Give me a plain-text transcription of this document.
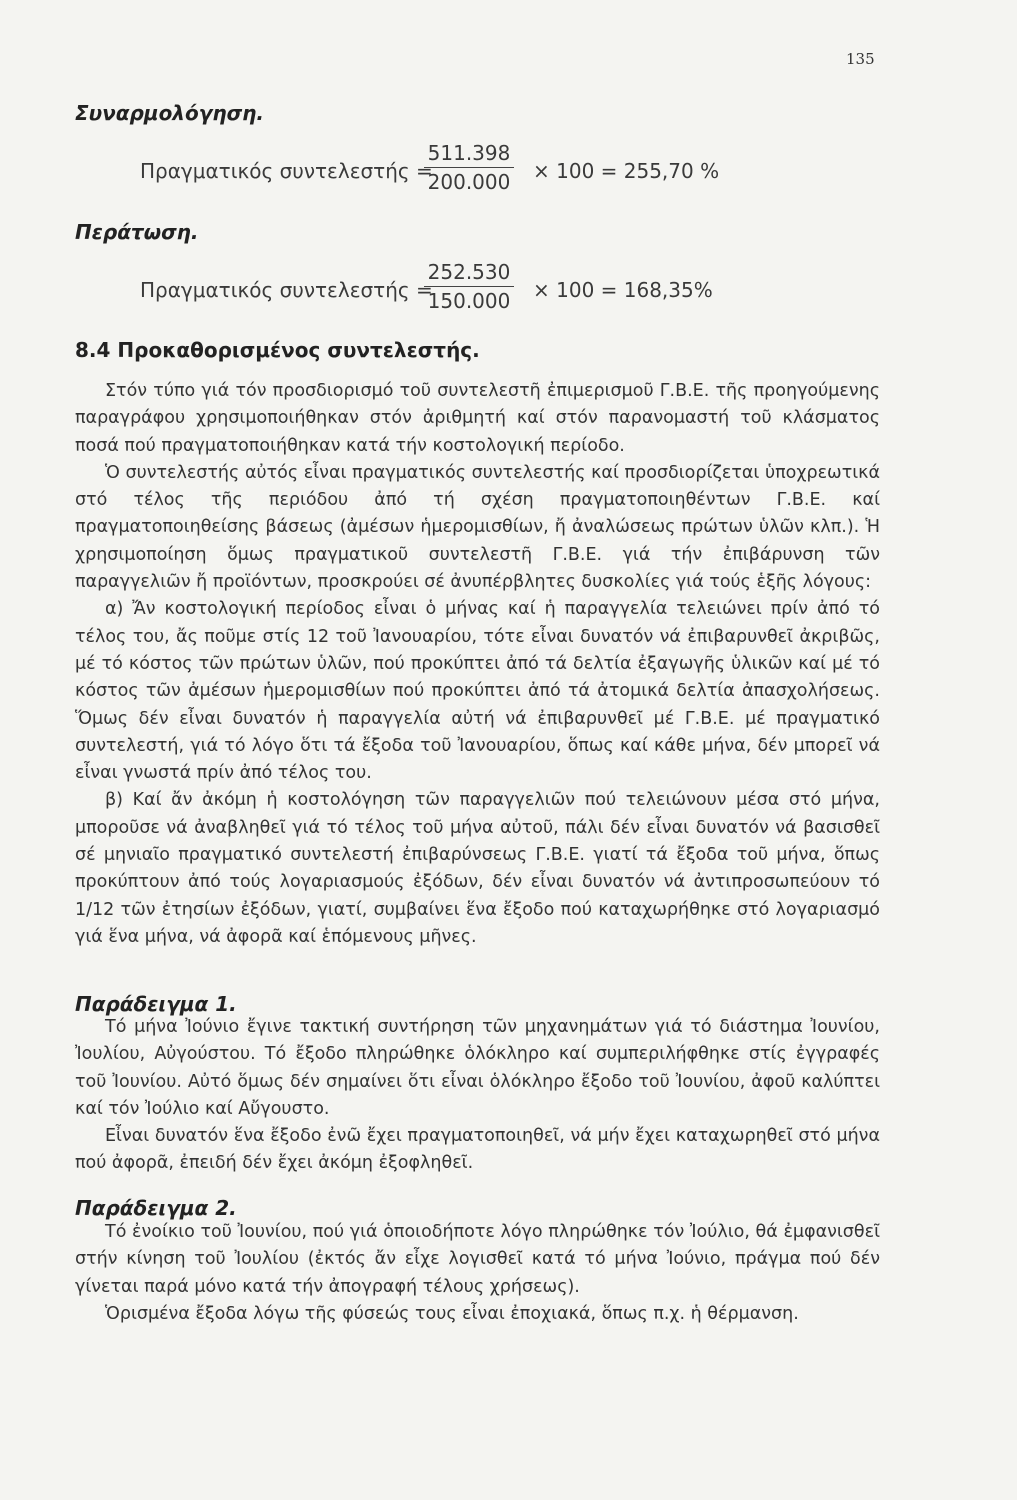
135
Συναρμολόγηση.
Πραγματικός συντελεστής =
511.398
200.000 × 100 = 255,70 %
Περάτωση.
Πραγματικός συντελεστής =
252.530
150.000 × 100 = 168,35%
8.4 Προκαθορισμένος συντελεστής.

Στόν τύπο γιά τόν προσδιορισμό τοῦ συντελεστῆ ἐπιμερισμοῦ Γ.Β.Ε. τῆς προηγούμενης παραγράφου χρησιμοποιήθηκαν στόν ἀριθμητή καί στόν παρανομαστή τοῦ κλάσματος ποσά πού πραγματοποιήθηκαν κατά τήν κοστολογική περίοδο.

Ὁ συντελεστής αὐτός εἶναι πραγματικός συντελεστής καί προσδιορίζεται ὑποχρεωτικά στό τέλος τῆς περιόδου ἀπό τή σχέση πραγματοποιηθέντων Γ.Β.Ε. καί πραγματοποιηθείσης βάσεως (ἀμέσων ἡμερομισθίων, ἤ ἀναλώσεως πρώτων ὑλῶν κλπ.). Ἡ χρησιμοποίηση ὅμως πραγματικοῦ συντελεστῆ Γ.Β.Ε. γιά τήν ἐπιβάρυνση τῶν παραγγελιῶν ἤ προϊόντων, προσκρούει σέ ἀνυπέρβλητες δυσκολίες γιά τούς ἑξῆς λόγους:

α) Ἄν κοστολογική περίοδος εἶναι ὁ μήνας καί ἡ παραγγελία τελειώνει πρίν ἀπό τό τέλος του, ἄς ποῦμε στίς 12 τοῦ Ἰανουαρίου, τότε εἶναι δυνατόν νά ἐπιβαρυνθεῖ ἀκριβῶς, μέ τό κόστος τῶν πρώτων ὑλῶν, πού προκύπτει ἀπό τά δελτία ἐξαγωγῆς ὑλικῶν καί μέ τό κόστος τῶν ἀμέσων ἡμερομισθίων πού προκύπτει ἀπό τά ἀτομικά δελτία ἀπασχολήσεως. Ὅμως δέν εἶναι δυνατόν ἡ παραγγελία αὐτή νά ἐπιβαρυνθεῖ μέ Γ.Β.Ε. μέ πραγματικό συντελεστή, γιά τό λόγο ὅτι τά ἔξοδα τοῦ Ἰανουαρίου, ὅπως καί κάθε μήνα, δέν μπορεῖ νά εἶναι γνωστά πρίν ἀπό τέλος του.

β) Καί ἄν ἀκόμη ἡ κοστολόγηση τῶν παραγγελιῶν πού τελειώνουν μέσα στό μήνα, μποροῦσε νά ἀναβληθεῖ γιά τό τέλος τοῦ μήνα αὐτοῦ, πάλι δέν εἶναι δυνατόν νά βασισθεῖ σέ μηνιαῖο πραγματικό συντελεστή ἐπιβαρύνσεως Γ.Β.Ε. γιατί τά ἔξοδα τοῦ μήνα, ὅπως προκύπτουν ἀπό τούς λογαριασμούς ἐξόδων, δέν εἶναι δυνατόν νά ἀντιπροσωπεύουν τό 1/12 τῶν ἐτησίων ἐξόδων, γιατί, συμβαίνει ἕνα ἔξοδο πού καταχωρήθηκε στό λογαριασμό γιά ἕνα μήνα, νά ἀφορᾶ καί ἑπόμενους μῆνες.

Παράδειγμα 1.

Τό μήνα Ἰούνιο ἔγινε τακτική συντήρηση τῶν μηχανημάτων γιά τό διάστημα Ἰουνίου, Ἰουλίου, Αὐγούστου. Τό ἔξοδο πληρώθηκε ὁλόκληρο καί συμπεριλήφθηκε στίς ἐγγραφές τοῦ Ἰουνίου. Αὐτό ὅμως δέν σημαίνει ὅτι εἶναι ὁλόκληρο ἔξοδο τοῦ Ἰουνίου, ἀφοῦ καλύπτει καί τόν Ἰούλιο καί Αὔγουστο.

Εἶναι δυνατόν ἕνα ἔξοδο ἐνῶ ἔχει πραγματοποιηθεῖ, νά μήν ἔχει καταχωρηθεῖ στό μήνα πού ἀφορᾶ, ἐπειδή δέν ἔχει ἀκόμη ἐξοφληθεῖ.

Παράδειγμα 2.

Τό ἐνοίκιο τοῦ Ἰουνίου, πού γιά ὁποιοδήποτε λόγο πληρώθηκε τόν Ἰούλιο, θά ἐμφανισθεῖ στήν κίνηση τοῦ Ἰουλίου (ἐκτός ἄν εἶχε λογισθεῖ κατά τό μήνα Ἰούνιο, πράγμα πού δέν γίνεται παρά μόνο κατά τήν ἀπογραφή τέλους χρήσεως).

Ὁρισμένα ἔξοδα λόγω τῆς φύσεώς τους εἶναι ἐποχιακά, ὅπως π.χ. ἡ θέρμανση.
